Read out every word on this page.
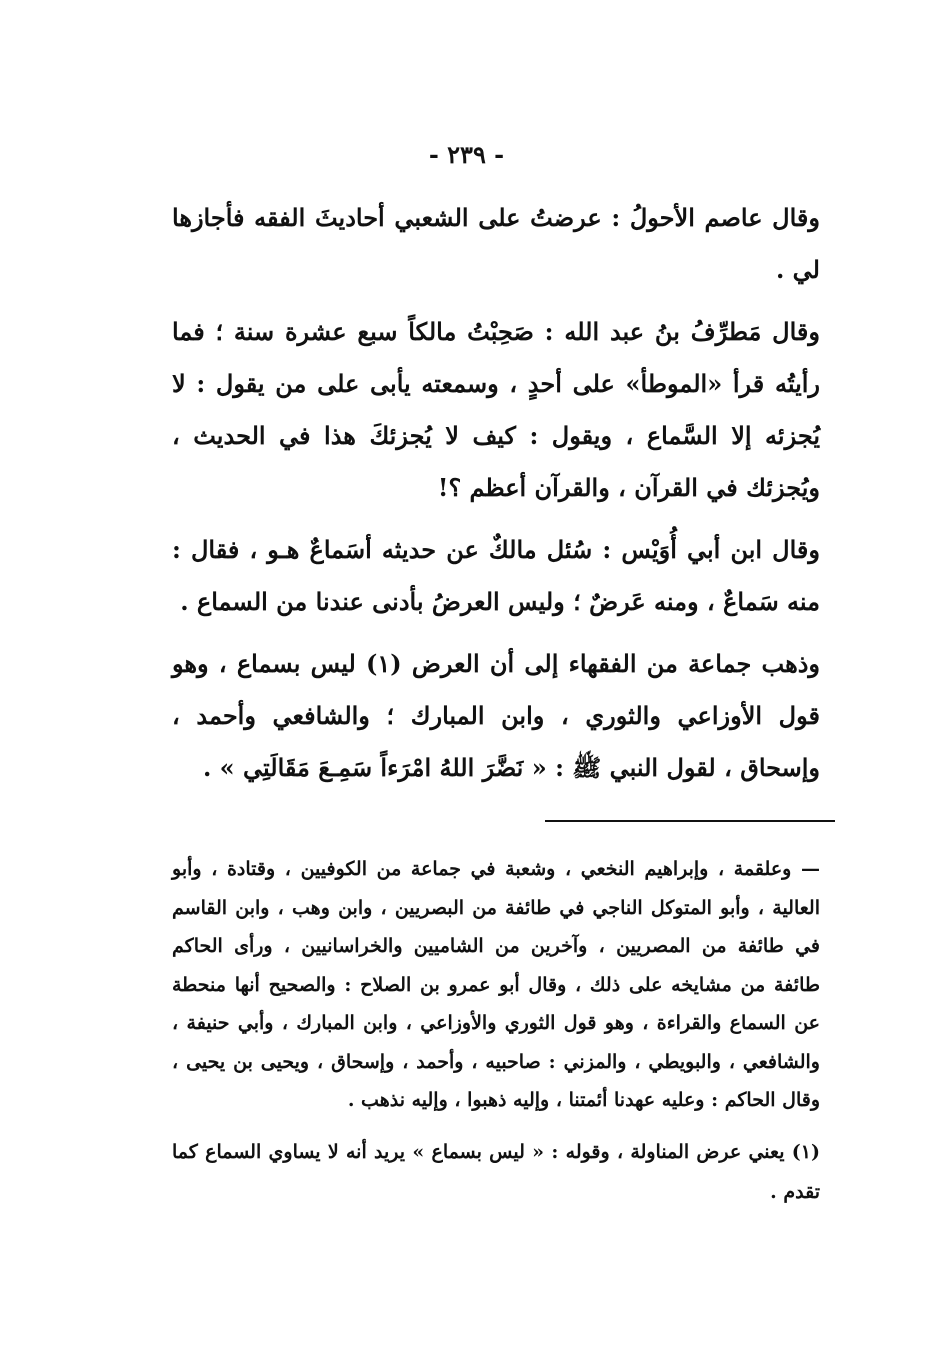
- ٢٣٩ -

وقال عاصم الأحولُ : عرضتُ على الشعبي أحاديثَ الفقه فأجازها لي .

وقال مَطرِّفُ بنُ عبد الله : صَحِبْتُ مالكاً سبع عشرة سنة ؛ فما رأيتُه قرأ «الموطأ» على أحدٍ ، وسمعته يأبى على من يقول : لا يُجزئه إلا السَّماع ، ويقول : كيف لا يُجزئكَ هذا في الحديث ، ويُجزئك في القرآن ، والقرآن أعظم ؟!

وقال ابن أبي أُوَيْس : سُئل مالكٌ عن حديثه أسَماعٌ هـو ، فقال : منه سَماعٌ ، ومنه عَرضٌ ؛ وليس العرضُ بأدنى عندنا من السماع .

وذهب جماعة من الفقهاء إلى أن العرض (١) ليس بسماع ، وهو قول الأوزاعي والثوري ، وابن المبارك ؛ والشافعي وأحمد ، وإسحاق ، لقول النبي ﷺ : « نَضَّرَ اللهُ امْرَءاً سَمِـعَ مَقَالَتِي » .

— وعلقمة ، وإبراهيم النخعي ، وشعبة في جماعة من الكوفيين ، وقتادة ، وأبو العالية ، وأبو المتوكل الناجي في طائفة من البصريين ، وابن وهب ، وابن القاسم في طائفة من المصريين ، وآخرين من الشاميين والخراسانيين ، ورأى الحاكم طائفة من مشايخه على ذلك ، وقال أبو عمرو بن الصلاح : والصحيح أنها منحطة عن السماع والقراءة ، وهو قول الثوري والأوزاعي ، وابن المبارك ، وأبي حنيفة ، والشافعي ، والبويطي ، والمزني : صاحبيه ، وأحمد ، وإسحاق ، ويحيى بن يحيى ، وقال الحاكم : وعليه عهدنا أئمتنا ، وإليه ذهبوا ، وإليه نذهب .

(١) يعني عرض المناولة ، وقوله : « ليس بسماع » يريد أنه لا يساوي السماع كما تقدم .
